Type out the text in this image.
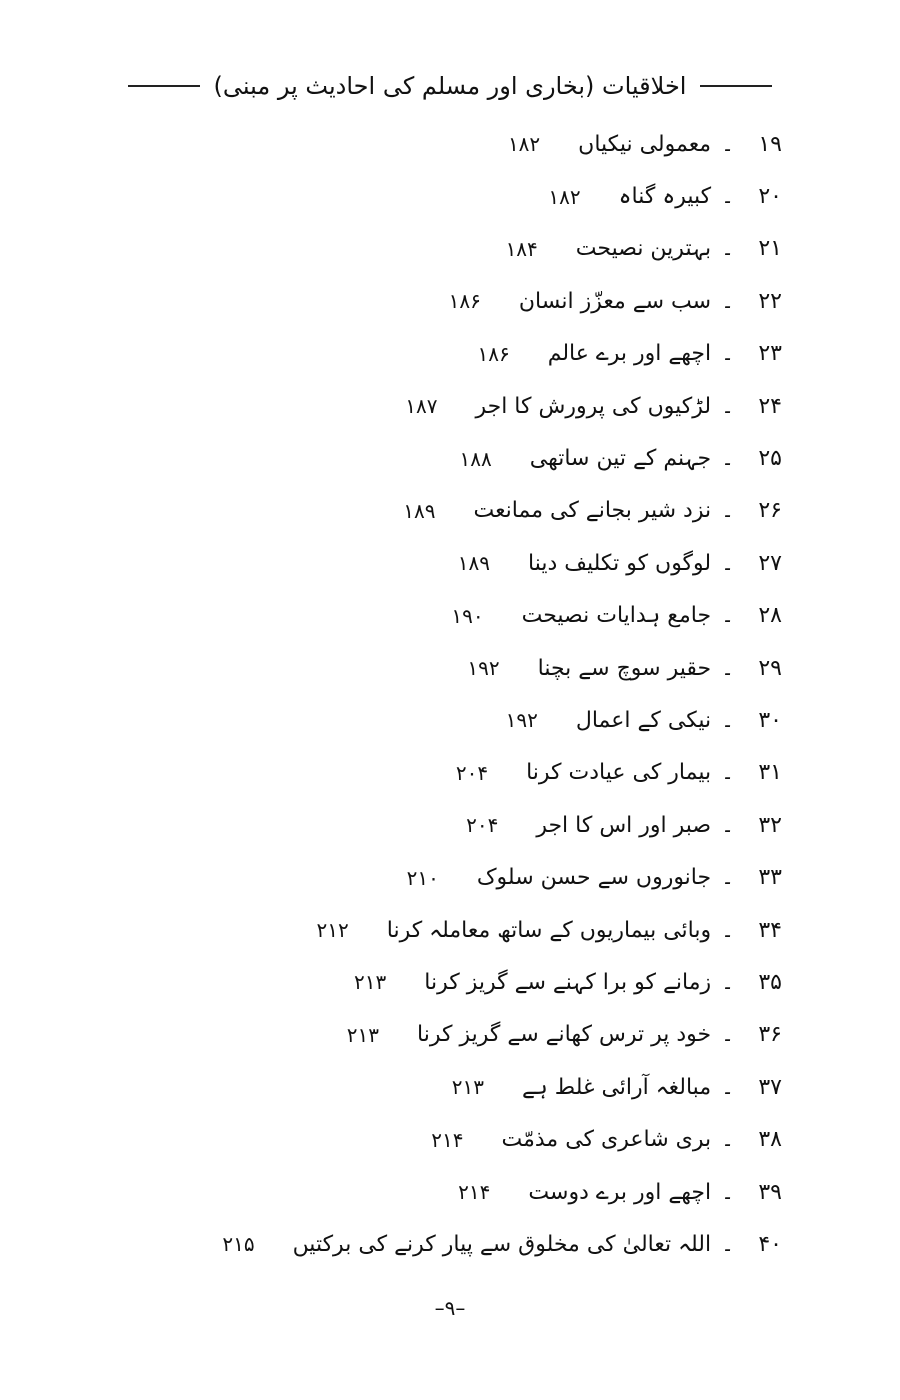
اخلاقیات (بخاری اور مسلم کی احادیث پر مبنی)
۱۹
۔
معمولی نیکیاں
۱۸۲
۲۰
۔
کبیرہ گناہ
۱۸۲
۲۱
۔
بہترین نصیحت
۱۸۴
۲۲
۔
سب سے معزّز انسان
۱۸۶
۲۳
۔
اچھے اور برے عالم
۱۸۶
۲۴
۔
لڑکیوں کی پرورش کا اجر
۱۸۷
۲۵
۔
جہنم کے تین ساتھی
۱۸۸
۲۶
۔
نزد شیر بجانے کی ممانعت
۱۸۹
۲۷
۔
لوگوں کو تکلیف دینا
۱۸۹
۲۸
۔
جامع ہدایات نصیحت
۱۹۰
۲۹
۔
حقیر سوچ سے بچنا
۱۹۲
۳۰
۔
نیکی کے اعمال
۱۹۲
۳۱
۔
بیمار کی عیادت کرنا
۲۰۴
۳۲
۔
صبر اور اس کا اجر
۲۰۴
۳۳
۔
جانوروں سے حسن سلوک
۲۱۰
۳۴
۔
وبائی بیماریوں کے ساتھ معاملہ کرنا
۲۱۲
۳۵
۔
زمانے کو برا کہنے سے گریز کرنا
۲۱۳
۳۶
۔
خود پر ترس کھانے سے گریز کرنا
۲۱۳
۳۷
۔
مبالغہ آرائی غلط ہے
۲۱۳
۳۸
۔
بری شاعری کی مذمّت
۲۱۴
۳۹
۔
اچھے اور برے دوست
۲۱۴
۴۰
۔
اللہ تعالیٰ کی مخلوق سے پیار کرنے کی برکتیں
۲۱۵
–۹–
